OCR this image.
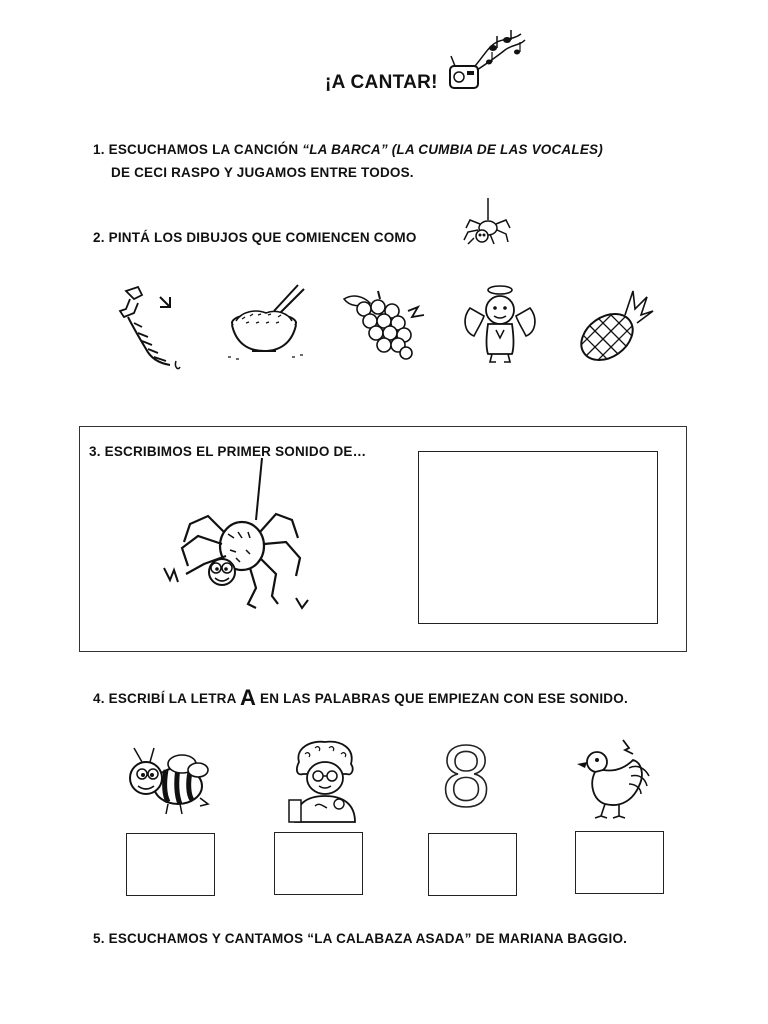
¡A CANTAR!
1. ESCUCHAMOS LA CANCIÓN “LA BARCA” (LA CUMBIA DE LAS VOCALES)
DE CECI RASPO Y JUGAMOS ENTRE TODOS.
2. PINTÁ LOS DIBUJOS QUE COMIENCEN COMO
3. ESCRIBIMOS EL PRIMER SONIDO DE…
4. ESCRIBÍ LA LETRA A EN LAS PALABRAS QUE EMPIEZAN CON ESE SONIDO.
8
5. ESCUCHAMOS Y CANTAMOS “LA CALABAZA ASADA” DE MARIANA BAGGIO.
